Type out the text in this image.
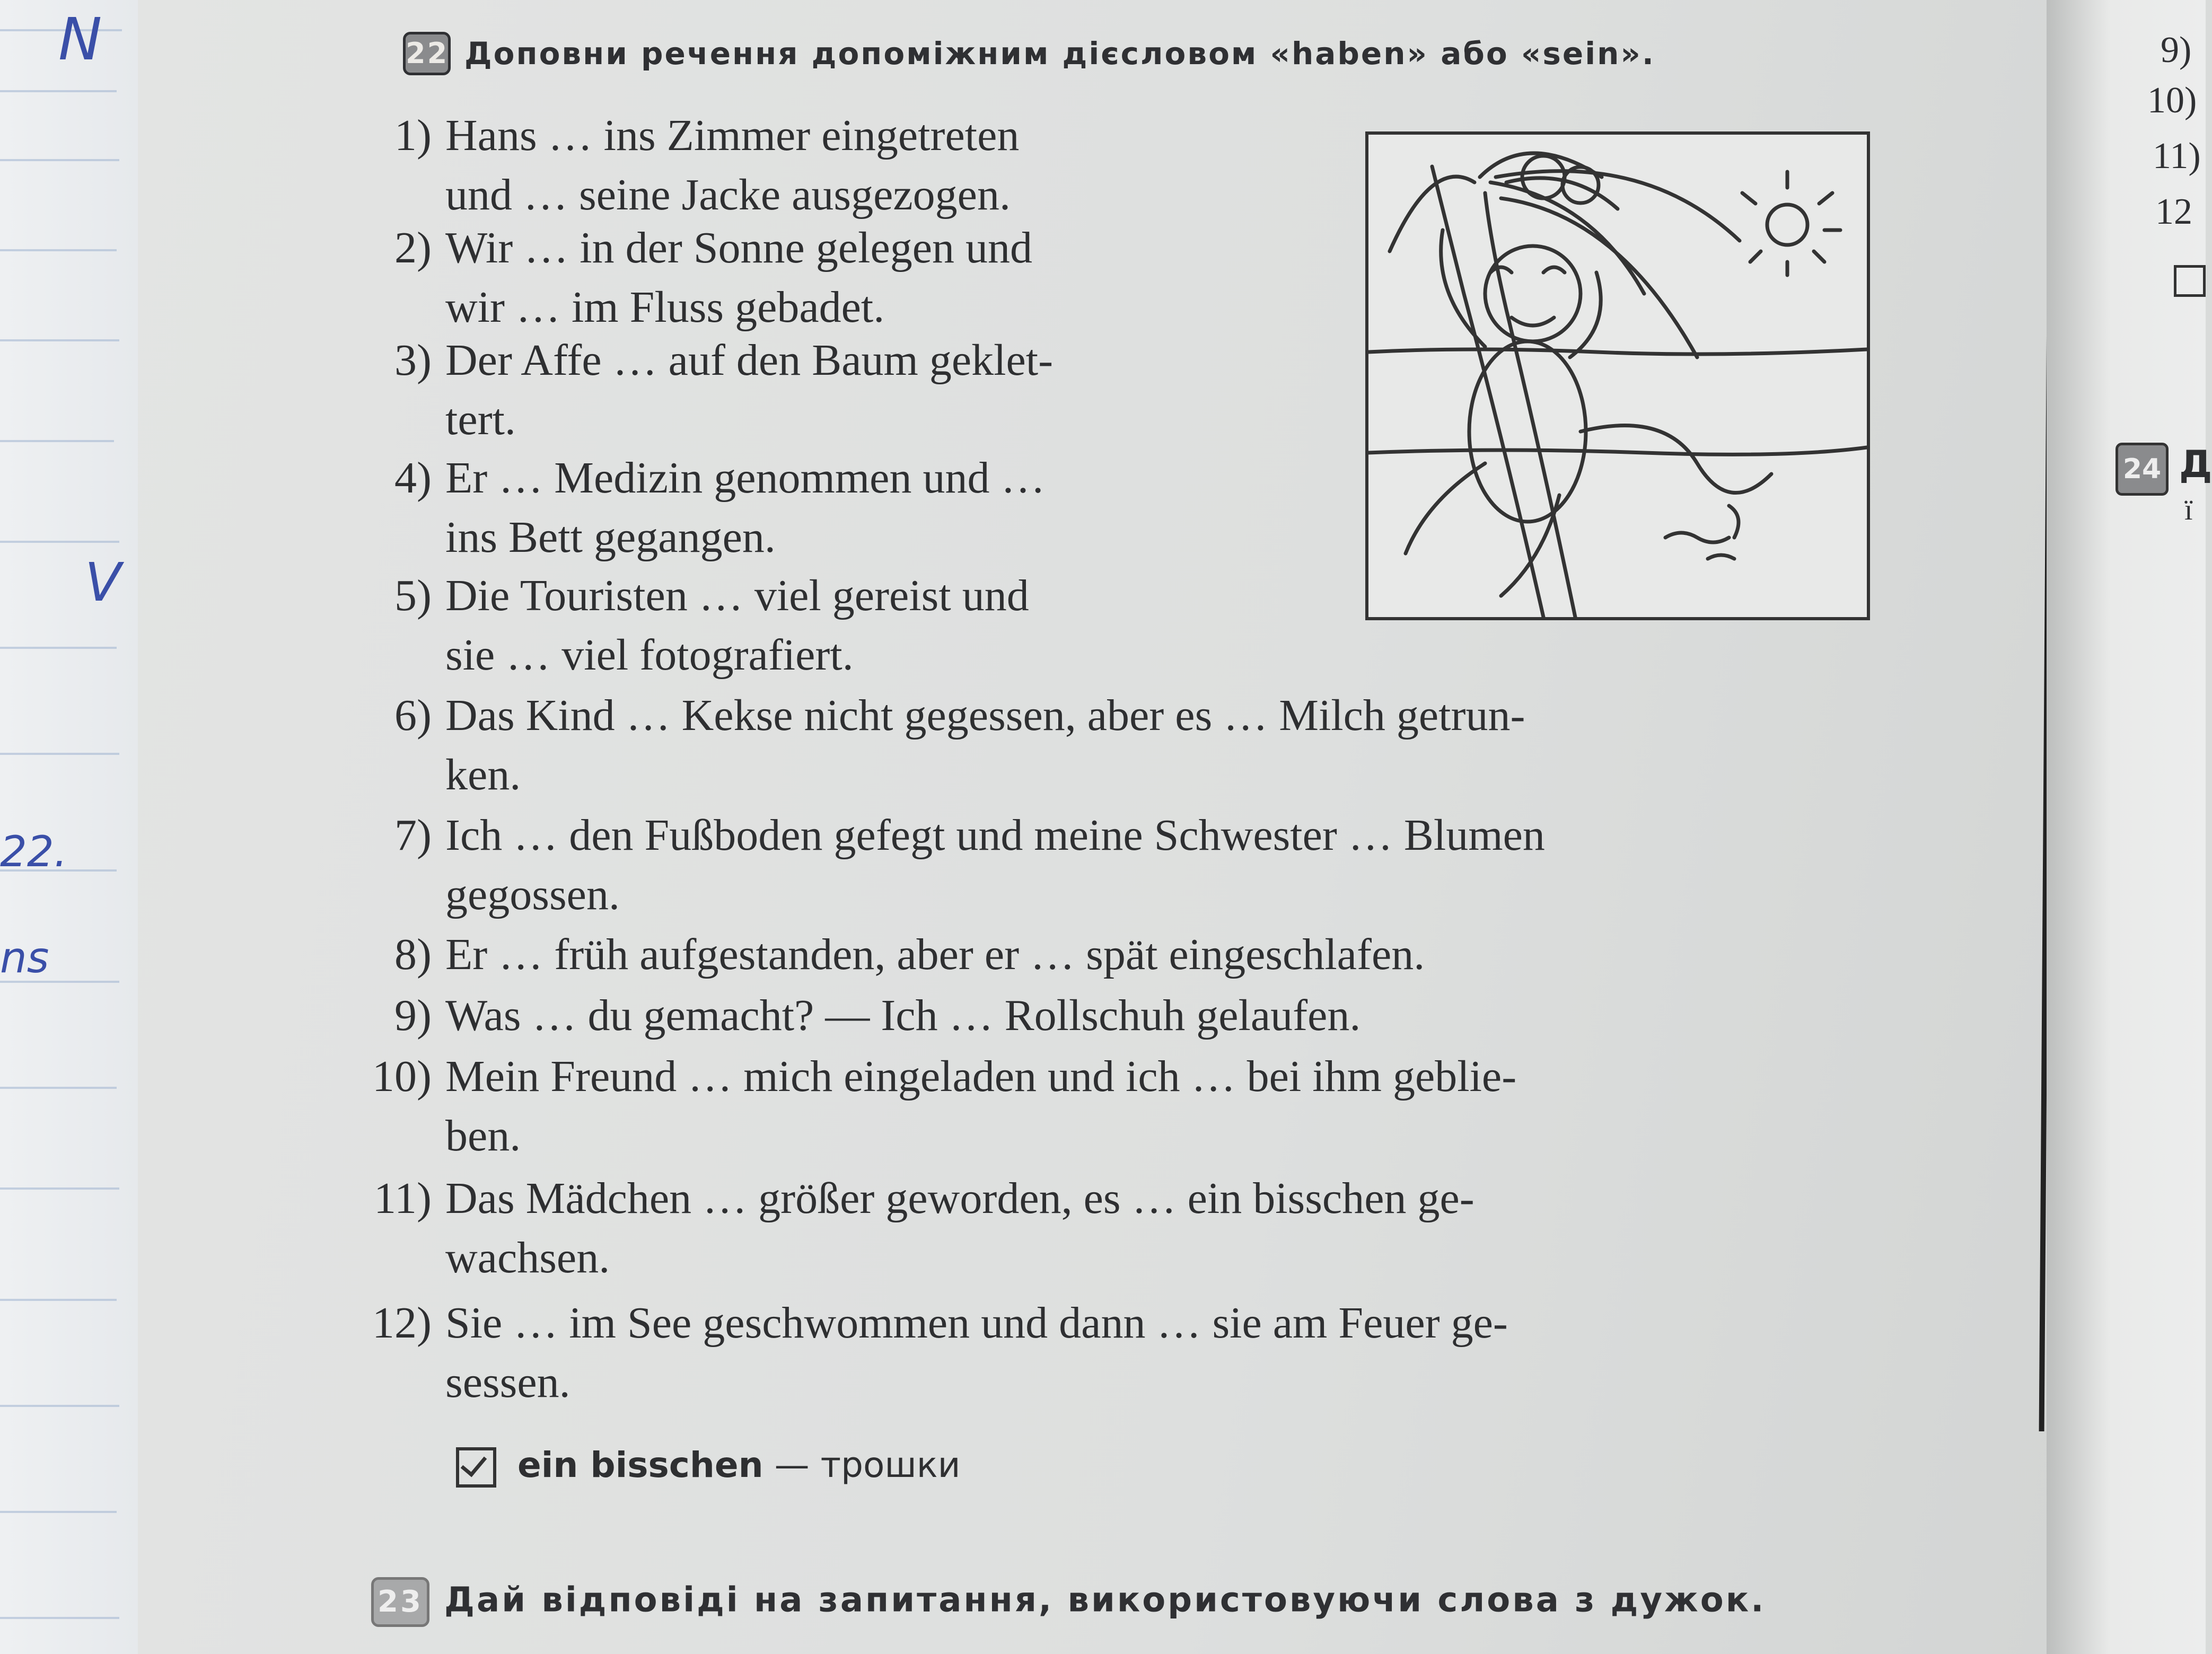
N
V
22.
ns
22 Доповни речення допоміжним дієсловом «haben» або «sein».
1) Hans … ins Zimmer eingetreten
und … seine Jacke ausgezogen.
2) Wir … in der Sonne gelegen und
wir … im Fluss gebadet.
3) Der Affe … auf den Baum geklet-
tert.
4) Er … Medizin genommen und …
ins Bett gegangen.
5) Die Touristen … viel gereist und
sie … viel fotografiert.
6) Das Kind … Kekse nicht gegessen, aber es … Milch getrun-
ken.
7) Ich … den Fußboden gefegt und meine Schwester … Blumen
gegossen.
8) Er … früh aufgestanden, aber er … spät eingeschlafen.
9) Was … du gemacht? — Ich … Rollschuh gelaufen.
10) Mein Freund … mich eingeladen und ich … bei ihm geblie-
ben.
11) Das Mädchen … größer geworden, es … ein bisschen ge-
wachsen.
12) Sie … im See geschwommen und dann … sie am Feuer ge-
sessen.
ein bisschen — трошки
23 Дай відповіді на запитання, використовуючи слова з дужок.
9)
10)
11)
12
24 Д
ї
